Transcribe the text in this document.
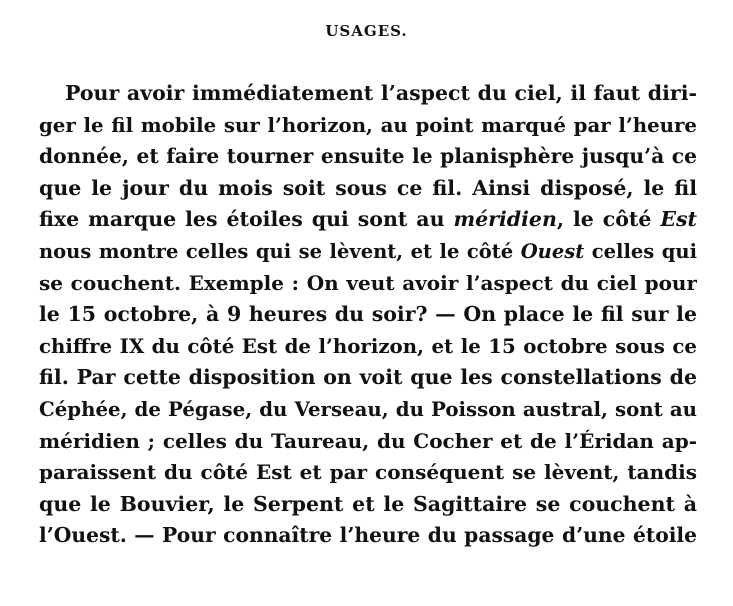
USAGES.
Pour avoir immédiatement l’aspect du ciel, il faut diri-
ger le fil mobile sur l’horizon, au point marqué par l’heure
donnée, et faire tourner ensuite le planisphère jusqu’à ce
que le jour du mois soit sous ce fil. Ainsi disposé, le fil
fixe marque les étoiles qui sont au méridien, le côté Est
nous montre celles qui se lèvent, et le côté Ouest celles qui
se couchent. Exemple : On veut avoir l’aspect du ciel pour
le 15 octobre, à 9 heures du soir? — On place le fil sur le
chiffre IX du côté Est de l’horizon, et le 15 octobre sous ce
fil. Par cette disposition on voit que les constellations de
Céphée, de Pégase, du Verseau, du Poisson austral, sont au
méridien ; celles du Taureau, du Cocher et de l’Éridan ap-
paraissent du côté Est et par conséquent se lèvent, tandis
que le Bouvier, le Serpent et le Sagittaire se couchent à
l’Ouest. — Pour connaître l’heure du passage d’une étoile
